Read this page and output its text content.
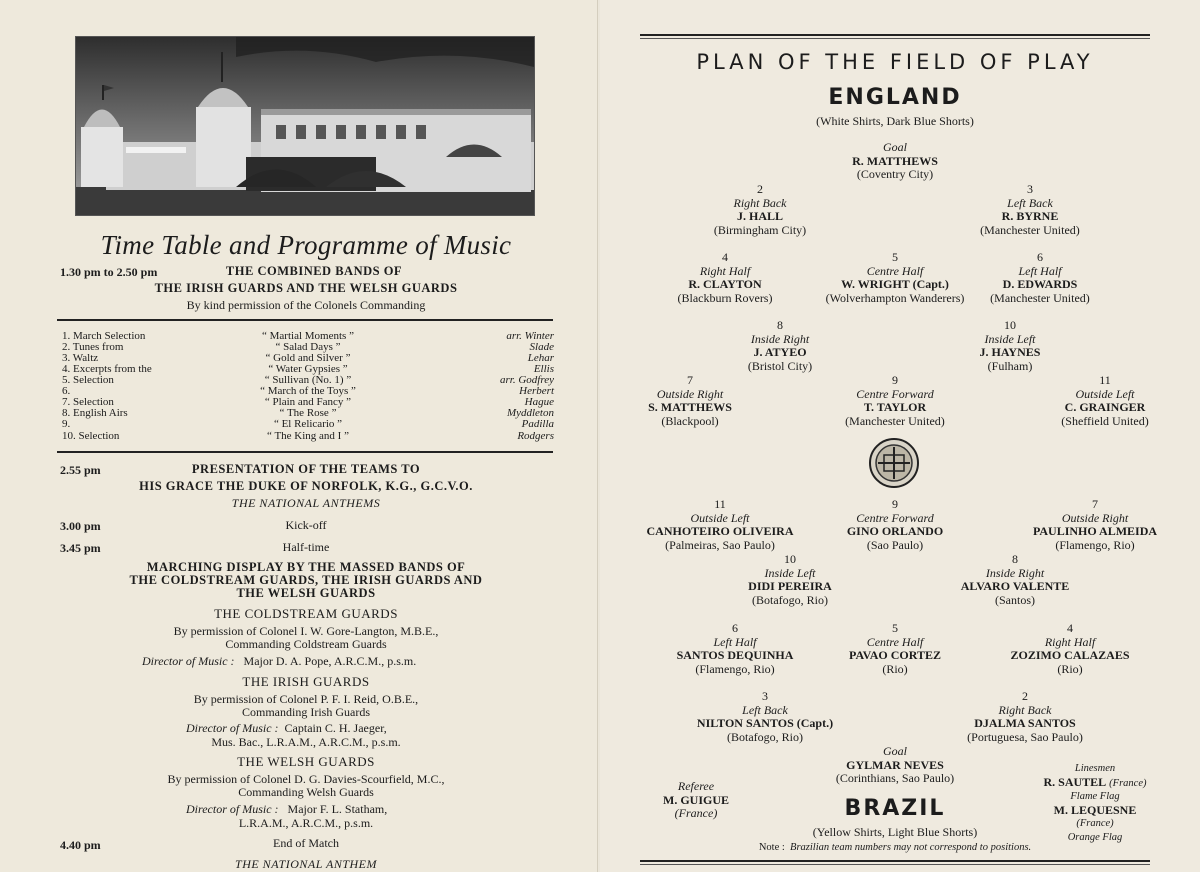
Time Table and Programme of Music
1.30 pm to 2.50 pm	THE COMBINED BANDS OF
THE IRISH GUARDS AND THE WELSH GUARDS
By kind permission of the Colonels Commanding
1. March Selection	“ Martial Moments ”	arr. Winter
2. Tunes from	“ Salad Days ”	Slade
3. Waltz	“ Gold and Silver ”	Lehar
4. Excerpts from the	“ Water Gypsies ”	Ellis
5. Selection	“ Sullivan (No. 1) ”	arr. Godfrey
6.	“ March of the Toys ”	Herbert
7. Selection	“ Plain and Fancy ”	Hague
8. English Airs	“ The Rose ”	Myddleton
9.	“ El Relicario ”	Padilla
10. Selection	“ The King and I ”	Rodgers
2.55 pm	PRESENTATION OF THE TEAMS TO
HIS GRACE THE DUKE OF NORFOLK, K.G., G.C.V.O.
THE NATIONAL ANTHEMS
3.00 pm	Kick-off
3.45 pm	Half-time
MARCHING DISPLAY BY THE MASSED BANDS OF
THE COLDSTREAM GUARDS, THE IRISH GUARDS AND
THE WELSH GUARDS
THE COLDSTREAM GUARDS
By permission of Colonel I. W. Gore-Langton, M.B.E.,
Commanding Coldstream Guards
Director of Music : Major D. A. Pope, A.R.C.M., p.s.m.
THE IRISH GUARDS
By permission of Colonel P. F. I. Reid, O.B.E.,
Commanding Irish Guards
Director of Music : Captain C. H. Jaeger,
Mus. Bac., L.R.A.M., A.R.C.M., p.s.m.
THE WELSH GUARDS
By permission of Colonel D. G. Davies-Scourfield, M.C.,
Commanding Welsh Guards
Director of Music : Major F. L. Statham,
L.R.A.M., A.R.C.M., p.s.m.
4.40 pm	End of Match
THE NATIONAL ANTHEM
PLAN OF THE FIELD OF PLAY
ENGLAND
(White Shirts, Dark Blue Shorts)
Goal
R. MATTHEWS
(Coventry City)
2
Right Back
J. HALL
(Birmingham City)
3
Left Back
R. BYRNE
(Manchester United)
4
Right Half
R. CLAYTON
(Blackburn Rovers)
5
Centre Half
W. WRIGHT (Capt.)
(Wolverhampton Wanderers)
6
Left Half
D. EDWARDS
(Manchester United)
8
Inside Right
J. ATYEO
(Bristol City)
10
Inside Left
J. HAYNES
(Fulham)
7
Outside Right
S. MATTHEWS
(Blackpool)
9
Centre Forward
T. TAYLOR
(Manchester United)
11
Outside Left
C. GRAINGER
(Sheffield United)
11
Outside Left
CANHOTEIRO OLIVEIRA
(Palmeiras, Sao Paulo)
9
Centre Forward
GINO ORLANDO
(Sao Paulo)
7
Outside Right
PAULINHO ALMEIDA
(Flamengo, Rio)
10
Inside Left
DIDI PEREIRA
(Botafogo, Rio)
8
Inside Right
ALVARO VALENTE
(Santos)
6
Left Half
SANTOS DEQUINHA
(Flamengo, Rio)
5
Centre Half
PAVAO CORTEZ
(Rio)
4
Right Half
ZOZIMO CALAZAES
(Rio)
3
Left Back
NILTON SANTOS (Capt.)
(Botafogo, Rio)
2
Right Back
DJALMA SANTOS
(Portuguesa, Sao Paulo)
Goal
GYLMAR NEVES
(Corinthians, Sao Paulo)
Referee
M. GUIGUE
(France)	BRAZIL
(Yellow Shirts, Light Blue Shorts)
Note : Brazilian team numbers may not correspond to positions.
Linesmen
R. SAUTEL (France)
Flame Flag
M. LEQUESNE
(France)
Orange Flag
